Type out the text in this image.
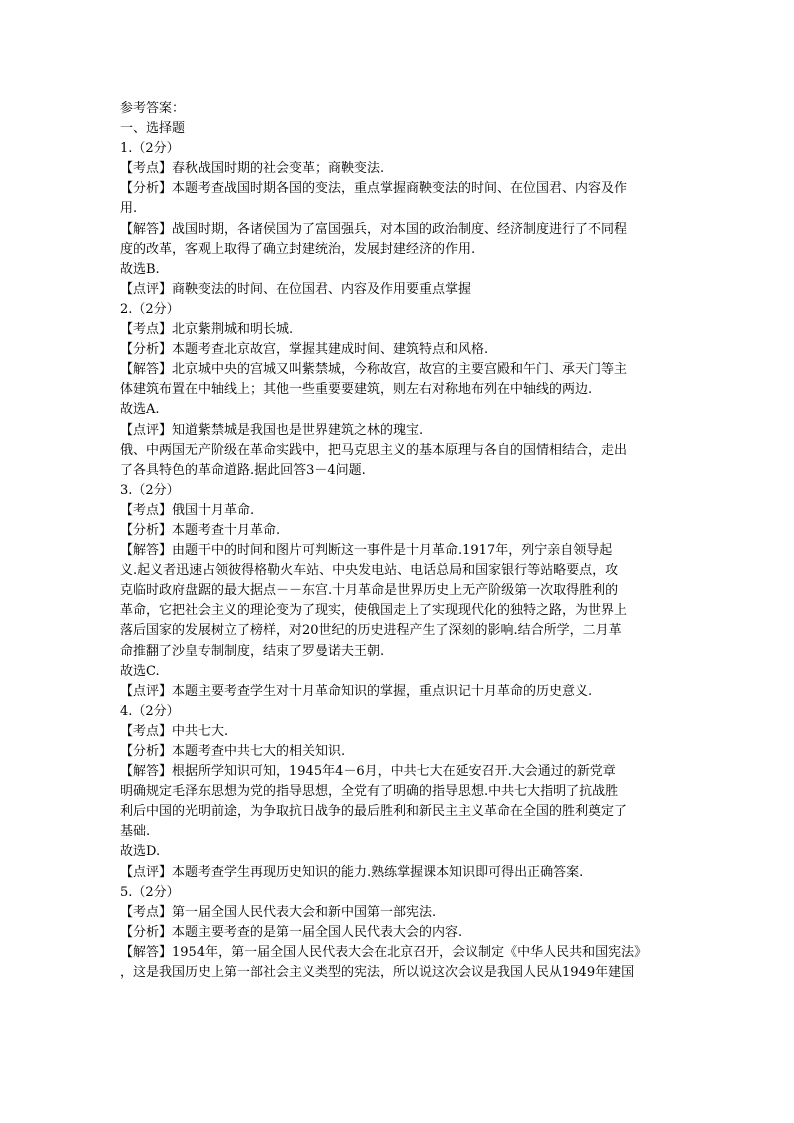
参考答案：
一、选择题
1.（2分）
【考点】春秋战国时期的社会变革；商鞅变法.
【分析】本题考查战国时期各国的变法，重点掌握商鞅变法的时间、在位国君、内容及作
用.
【解答】战国时期，各诸侯国为了富国强兵，对本国的政治制度、经济制度进行了不同程
度的改革，客观上取得了确立封建统治，发展封建经济的作用.
故选B.
【点评】商鞅变法的时间、在位国君、内容及作用要重点掌握
2.（2分）
【考点】北京紫荆城和明长城.
【分析】本题考查北京故宫，掌握其建成时间、建筑特点和风格.
【解答】北京城中央的宫城又叫紫禁城，今称故宫，故宫的主要宫殿和午门、承天门等主
体建筑布置在中轴线上；其他一些重要要建筑，则左右对称地布列在中轴线的两边.
故选A.
【点评】知道紫禁城是我国也是世界建筑之林的瑰宝.
俄、中两国无产阶级在革命实践中，把马克思主义的基本原理与各自的国情相结合，走出
了各具特色的革命道路.据此回答3－4问题.
3.（2分）
【考点】俄国十月革命.
【分析】本题考查十月革命.
【解答】由题干中的时间和图片可判断这一事件是十月革命.1917年，列宁亲自领导起
义.起义者迅速占领彼得格勒火车站、中央发电站、电话总局和国家银行等站略要点，攻
克临时政府盘踞的最大据点－－东宫.十月革命是世界历史上无产阶级第一次取得胜利的
革命，它把社会主义的理论变为了现实，使俄国走上了实现现代化的独特之路，为世界上
落后国家的发展树立了榜样，对20世纪的历史进程产生了深刻的影响.结合所学，二月革
命推翻了沙皇专制制度，结束了罗曼诺夫王朝.
故选C.
【点评】本题主要考查学生对十月革命知识的掌握，重点识记十月革命的历史意义.
4.（2分）
【考点】中共七大.
【分析】本题考查中共七大的相关知识.
【解答】根据所学知识可知，1945年4－6月，中共七大在延安召开.大会通过的新党章
明确规定毛泽东思想为党的指导思想，全党有了明确的指导思想.中共七大指明了抗战胜
利后中国的光明前途，为争取抗日战争的最后胜利和新民主主义革命在全国的胜利奠定了
基础.
故选D.
【点评】本题考查学生再现历史知识的能力.熟练掌握课本知识即可得出正确答案.
5.（2分）
【考点】第一届全国人民代表大会和新中国第一部宪法.
【分析】本题主要考查的是第一届全国人民代表大会的内容.
【解答】1954年，第一届全国人民代表大会在北京召开，会议制定《中华人民共和国宪法》
，这是我国历史上第一部社会主义类型的宪法，所以说这次会议是我国人民从1949年建国
